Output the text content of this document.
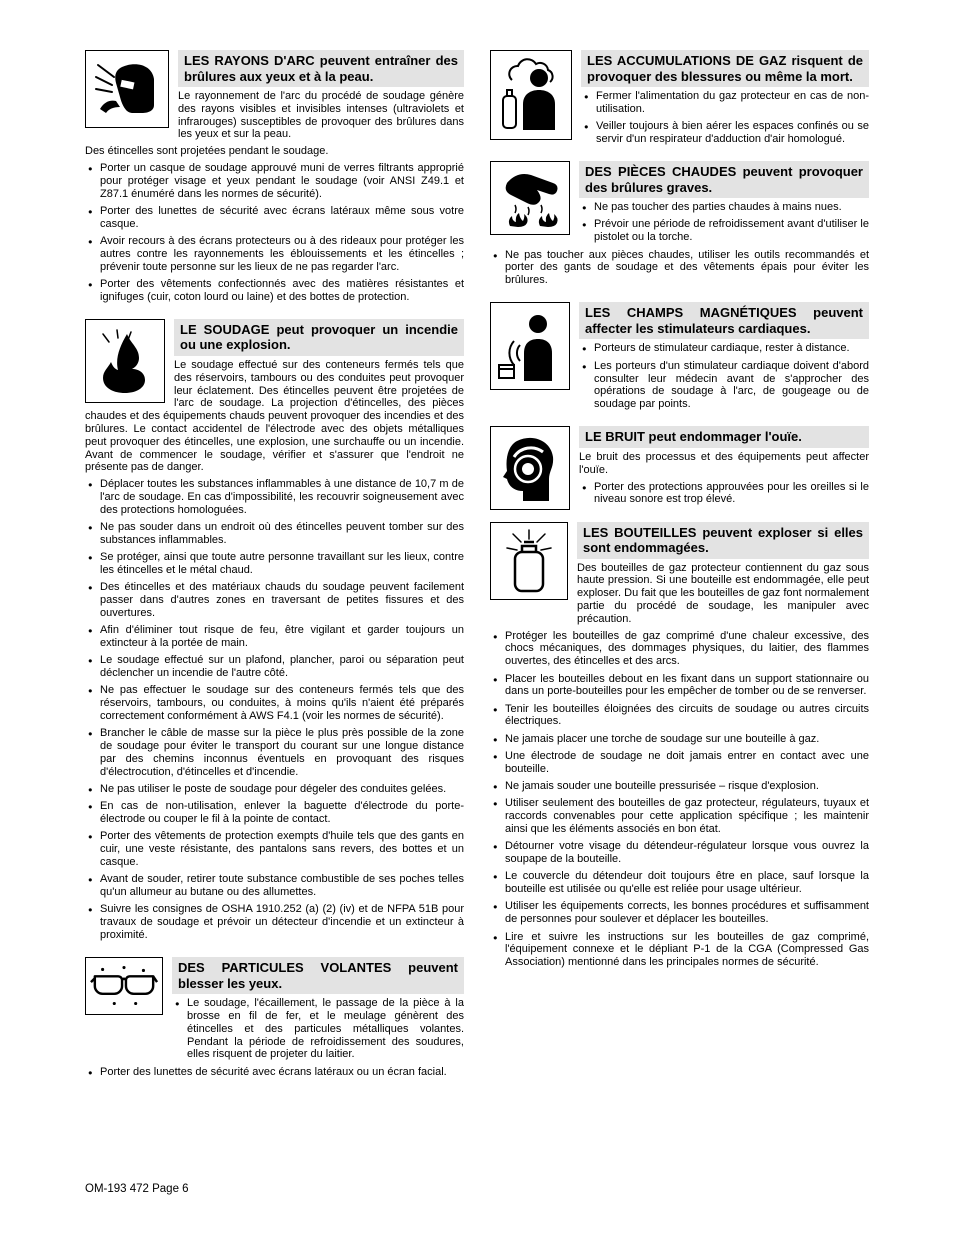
LES RAYONS D'ARC peuvent entraîner des brûlures aux yeux et à la peau.

Le rayonnement de l'arc du procédé de soudage génère des rayons visibles et invisibles intenses (ultraviolets et infrarouges) susceptibles de provoquer des brûlures dans les yeux et sur la peau.

Des étincelles sont projetées pendant le soudage.

● Porter un casque de soudage approuvé muni de verres filtrants approprié pour protéger visage et yeux pendant le soudage (voir ANSI Z49.1 et Z87.1 énuméré dans les normes de sécurité).
● Porter des lunettes de sécurité avec écrans latéraux même sous votre casque.
● Avoir recours à des écrans protecteurs ou à des rideaux pour protéger les autres contre les rayonnements les éblouissements et les étincelles ; prévenir toute personne sur les lieux de ne pas regarder l'arc.
● Porter des vêtements confectionnés avec des matières résistantes et ignifuges (cuir, coton lourd ou laine) et des bottes de protection.
LE SOUDAGE peut provoquer un incendie ou une explosion.

Le soudage effectué sur des conteneurs fermés tels que des réservoirs, tambours ou des conduites peut provoquer leur éclatement. Des étincelles peuvent être projetées de l'arc de soudage. La projection d'étincelles, des pièces chaudes et des équipements chauds peuvent provoquer des incendies et des brûlures. Le contact accidentel de l'électrode avec des objets métalliques peut provoquer des étincelles, une explosion, une surchauffe ou un incendie. Avant de commencer le soudage, vérifier et s'assurer que l'endroit ne présente pas de danger.

● Déplacer toutes les substances inflammables à une distance de 10,7 m de l'arc de soudage. En cas d'impossibilité, les recouvrir soigneusement avec des protections homologuées.
● Ne pas souder dans un endroit où des étincelles peuvent tomber sur des substances inflammables.
● Se protéger, ainsi que toute autre personne travaillant sur les lieux, contre les étincelles et le métal chaud.
● Des étincelles et des matériaux chauds du soudage peuvent facilement passer dans d'autres zones en traversant de petites fissures et des ouvertures.
● Afin d'éliminer tout risque de feu, être vigilant et garder toujours un extincteur à la portée de main.
● Le soudage effectué sur un plafond, plancher, paroi ou séparation peut déclencher un incendie de l'autre côté.
● Ne pas effectuer le soudage sur des conteneurs fermés tels que des réservoirs, tambours, ou conduites, à moins qu'ils n'aient été préparés correctement conformément à AWS F4.1 (voir les normes de sécurité).
● Brancher le câble de masse sur la pièce le plus près possible de la zone de soudage pour éviter le transport du courant sur une longue distance par des chemins inconnus éventuels en provoquant des risques d'électrocution, d'étincelles et d'incendie.
● Ne pas utiliser le poste de soudage pour dégeler des conduites gelées.
● En cas de non-utilisation, enlever la baguette d'électrode du porte-électrode ou couper le fil à la pointe de contact.
● Porter des vêtements de protection exempts d'huile tels que des gants en cuir, une veste résistante, des pantalons sans revers, des bottes et un casque.
● Avant de souder, retirer toute substance combustible de ses poches telles qu'un allumeur au butane ou des allumettes.
● Suivre les consignes de OSHA 1910.252 (a) (2) (iv) et de NFPA 51B pour travaux de soudage et prévoir un détecteur d'incendie et un extincteur à proximité.
DES PARTICULES VOLANTES peuvent blesser les yeux.
● Le soudage, l'écaillement, le passage de la pièce à la brosse en fil de fer, et le meulage génèrent des étincelles et des particules métalliques volantes. Pendant la période de refroidissement des soudures, elles risquent de projeter du laitier.
● Porter des lunettes de sécurité avec écrans latéraux ou un écran facial.
LES ACCUMULATIONS DE GAZ risquent de provoquer des blessures ou même la mort.
● Fermer l'alimentation du gaz protecteur en cas de non-utilisation.
● Veiller toujours à bien aérer les espaces confinés ou se servir d'un respirateur d'adduction d'air homologué.
DES PIÈCES CHAUDES peuvent provoquer des brûlures graves.
● Ne pas toucher des parties chaudes à mains nues.
● Prévoir une période de refroidissement avant d'utiliser le pistolet ou la torche.
● Ne pas toucher aux pièces chaudes, utiliser les outils recommandés et porter des gants de soudage et des vêtements épais pour éviter les brûlures.
LES CHAMPS MAGNÉTIQUES peuvent affecter les stimulateurs cardiaques.
● Porteurs de stimulateur cardiaque, rester à distance.
● Les porteurs d'un stimulateur cardiaque doivent d'abord consulter leur médecin avant de s'approcher des opérations de soudage à l'arc, de gougeage ou de soudage par points.
LE BRUIT peut endommager l'ouïe.

Le bruit des processus et des équipements peut affecter l'ouïe.

● Porter des protections approuvées pour les oreilles si le niveau sonore est trop élevé.
LES BOUTEILLES peuvent exploser si elles sont endommagées.

Des bouteilles de gaz protecteur contiennent du gaz sous haute pression. Si une bouteille est endommagée, elle peut exploser. Du fait que les bouteilles de gaz font normalement partie du procédé de soudage, les manipuler avec précaution.

● Protéger les bouteilles de gaz comprimé d'une chaleur excessive, des chocs mécaniques, des dommages physiques, du laitier, des flammes ouvertes, des étincelles et des arcs.
● Placer les bouteilles debout en les fixant dans un support stationnaire ou dans un porte-bouteilles pour les empêcher de tomber ou de se renverser.
● Tenir les bouteilles éloignées des circuits de soudage ou autres circuits électriques.
● Ne jamais placer une torche de soudage sur une bouteille à gaz.
● Une électrode de soudage ne doit jamais entrer en contact avec une bouteille.
● Ne jamais souder une bouteille pressurisée – risque d'explosion.
● Utiliser seulement des bouteilles de gaz protecteur, régulateurs, tuyaux et raccords convenables pour cette application spécifique ; les maintenir ainsi que les éléments associés en bon état.
● Détourner votre visage du détendeur-régulateur lorsque vous ouvrez la soupape de la bouteille.
● Le couvercle du détendeur doit toujours être en place, sauf lorsque la bouteille est utilisée ou qu'elle est reliée pour usage ultérieur.
● Utiliser les équipements corrects, les bonnes procédures et suffisamment de personnes pour soulever et déplacer les bouteilles.
● Lire et suivre les instructions sur les bouteilles de gaz comprimé, l'équipement connexe et le dépliant P-1 de la CGA (Compressed Gas Association) mentionné dans les principales normes de sécurité.
OM-193 472 Page 6
